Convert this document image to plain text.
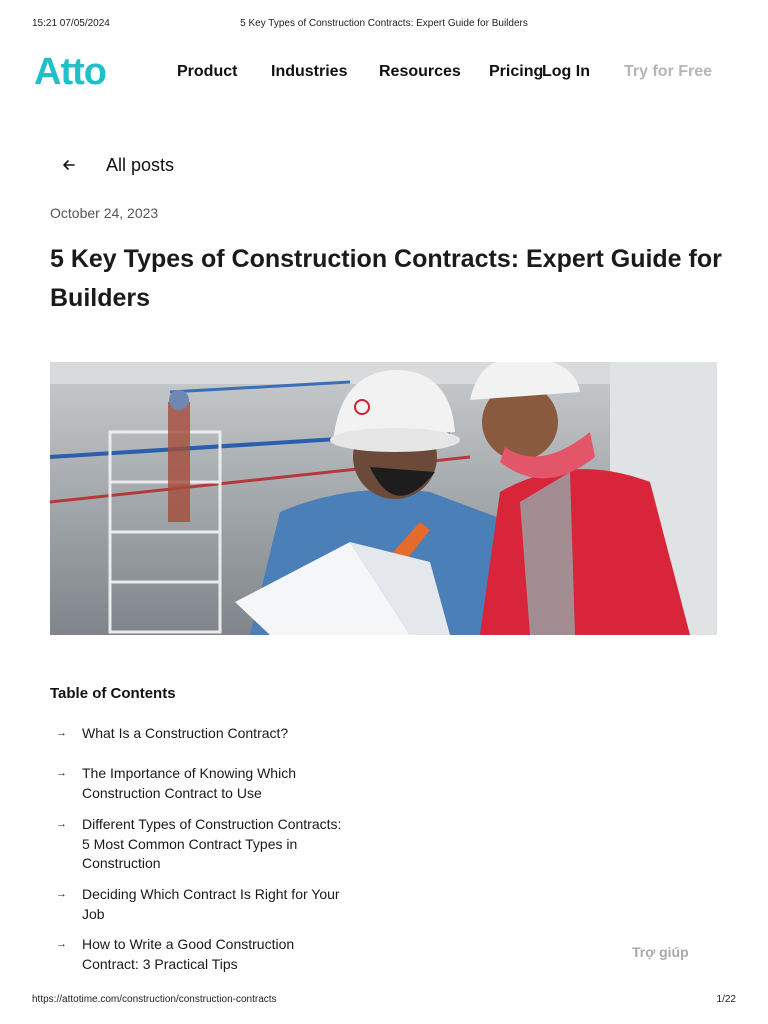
15:21 07/05/2024	5 Key Types of Construction Contracts: Expert Guide for Builders
Atto	Product Industries Resources Pricing
Log In Try for Free
All posts
October 24, 2023
5 Key Types of Construction Contracts: Expert Guide for Builders
Table of Contents
→ What Is a Construction Contract?
→ The Importance of Knowing Which Construction Contract to Use
→ Different Types of Construction Contracts: 5 Most Common Contract Types in Construction
→ Deciding Which Contract Is Right for Your Job
→ How to Write a Good Construction Contract: 3 Practical Tips
Trợ giúp
https://attotime.com/construction/construction-contracts	1/22
